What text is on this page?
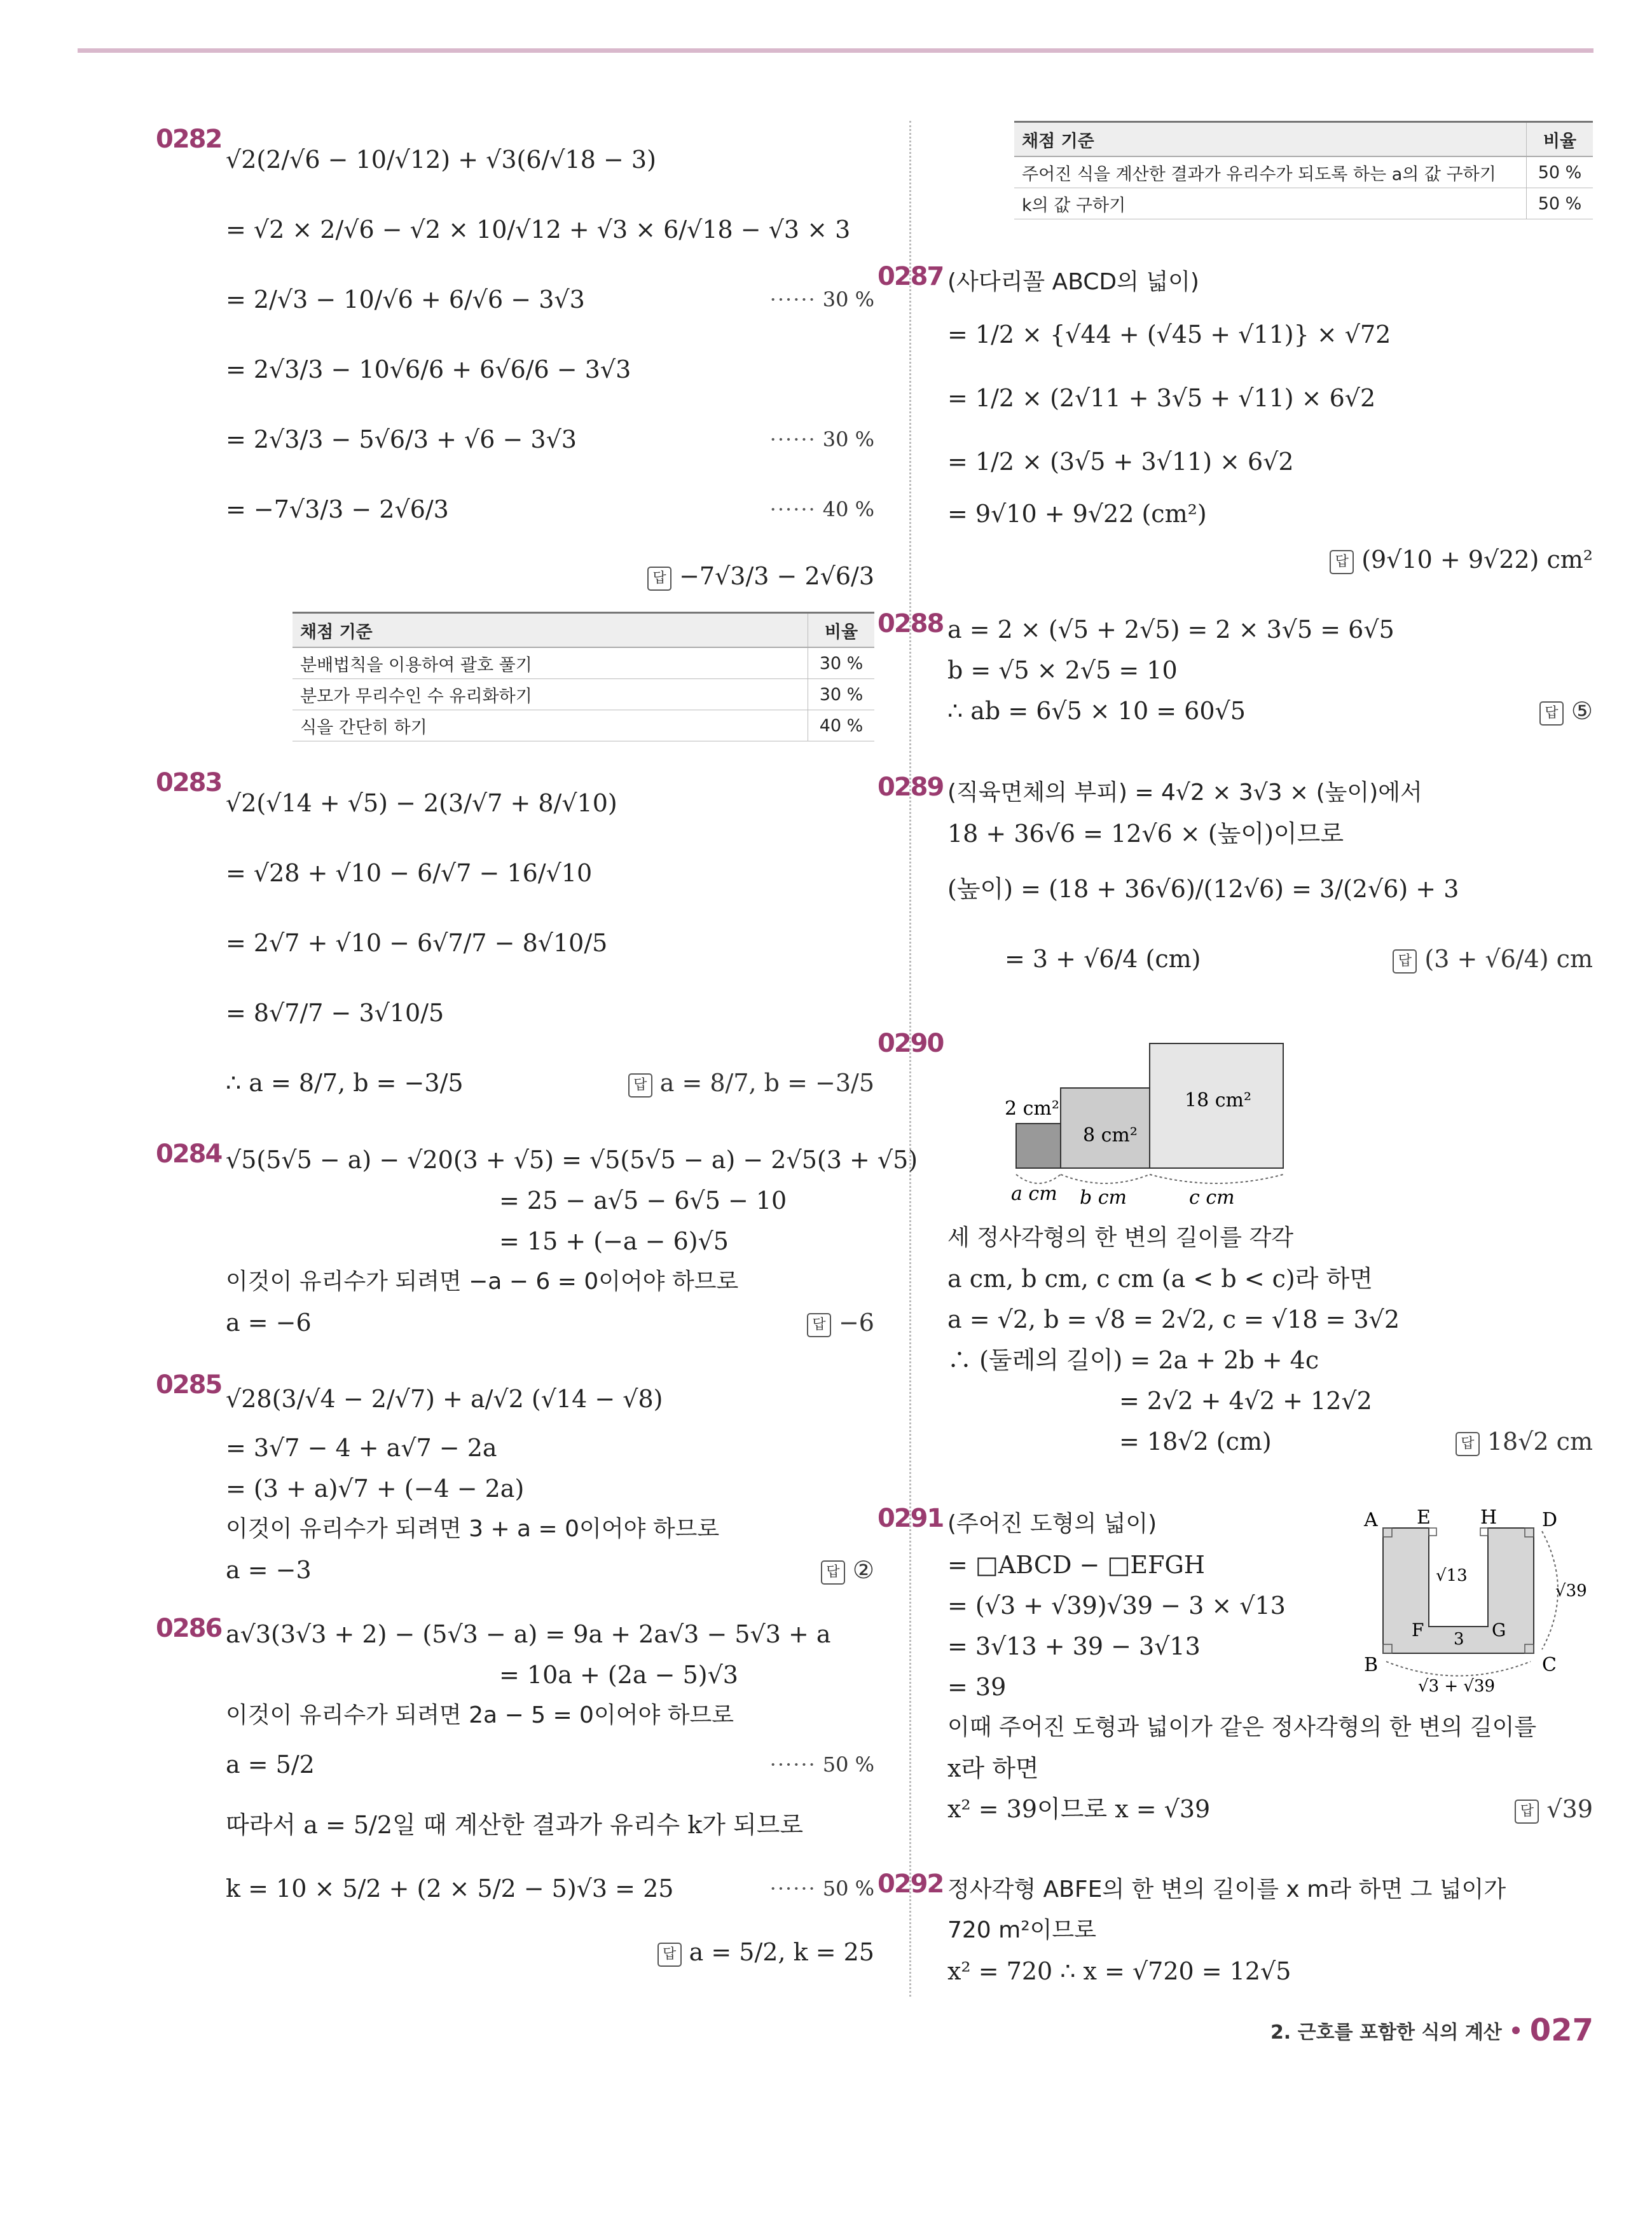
0282
√2(2/√6 − 10/√12) + √3(6/√18 − 3)
= √2 × 2/√6 − √2 × 10/√12 + √3 × 6/√18 − √3 × 3
= 2/√3 − 10/√6 + 6/√6 − 3√3	······ 30 %
= 2√3/3 − 10√6/6 + 6√6/6 − 3√3
= 2√3/3 − 5√6/3 + √6 − 3√3	······ 30 %
= −7√3/3 − 2√6/3	······ 40 %
답 −7√3/3 − 2√6/3
채점 기준	비율
분배법칙을 이용하여 괄호 풀기	30 %
분모가 무리수인 수 유리화하기	30 %
식을 간단히 하기	40 %
0283
√2(√14 + √5) − 2(3/√7 + 8/√10)
= √28 + √10 − 6/√7 − 16/√10
= 2√7 + √10 − 6√7/7 − 8√10/5
= 8√7/7 − 3√10/5
∴ a = 8/7, b = −3/5	답 a = 8/7, b = −3/5
0284 √5(5√5 − a) − √20(3 + √5) = √5(5√5 − a) − 2√5(3 + √5)
= 25 − a√5 − 6√5 − 10
= 15 + (−a − 6)√5
이것이 유리수가 되려면 −a − 6 = 0이어야 하므로
a = −6	답 −6
0285 √28(3/√4 − 2/√7) + a/√2 (√14 − √8)
= 3√7 − 4 + a√7 − 2a
= (3 + a)√7 + (−4 − 2a)
이것이 유리수가 되려면 3 + a = 0이어야 하므로
a = −3	답 ②
0286 a√3(3√3 + 2) − (5√3 − a) = 9a + 2a√3 − 5√3 + a
= 10a + (2a − 5)√3
이것이 유리수가 되려면 2a − 5 = 0이어야 하므로
a = 5/2	······ 50 %
따라서 a = 5/2일 때 계산한 결과가 유리수 k가 되므로
k = 10 × 5/2 + (2 × 5/2 − 5)√3 = 25	······ 50 %
답 a = 5/2, k = 25
채점 기준	비율
주어진 식을 계산한 결과가 유리수가 되도록 하는 a의 값 구하기	50 %
k의 값 구하기	50 %
0287 (사다리꼴 ABCD의 넓이)
= 1/2 × {√44 + (√45 + √11)} × √72
= 1/2 × (2√11 + 3√5 + √11) × 6√2
= 1/2 × (3√5 + 3√11) × 6√2
= 9√10 + 9√22 (cm²)
답 (9√10 + 9√22) cm²
0288 a = 2 × (√5 + 2√5) = 2 × 3√5 = 6√5
b = √5 × 2√5 = 10
∴ ab = 6√5 × 10 = 60√5	답 ⑤
0289 (직육면체의 부피) = 4√2 × 3√3 × (높이)에서
18 + 36√6 = 12√6 × (높이)이므로
(높이) = (18 + 36√6)/(12√6) = 3/(2√6) + 3
= 3 + √6/4 (cm)	답 (3 + √6/4) cm
0290
2 cm²
8 cm²
18 cm²
a cm b cm	c cm
세 정사각형의 한 변의 길이를 각각
a cm, b cm, c cm (a < b < c)라 하면
a = √2, b = √8 = 2√2, c = √18 = 3√2
∴ (둘레의 길이) = 2a + 2b + 4c
= 2√2 + 4√2 + 12√2
= 18√2 (cm)	답 18√2 cm
0291 (주어진 도형의 넓이)
= □ABCD − □EFGH
= (√3 + √39)√39 − 3 × √13
= 3√13 + 39 − 3√13
= 39
이때 주어진 도형과 넓이가 같은 정사각형의 한 변의 길이를
x라 하면
x² = 39이므로 x = √39	답 √39
A E	H D
B	C
F	G
√13
3
√39
√3 + √39
0292 정사각형 ABFE의 한 변의 길이를 x m라 하면 그 넓이가
720 m²이므로
x² = 720 ∴ x = √720 = 12√5
2. 근호를 포함한 식의 계산 027
